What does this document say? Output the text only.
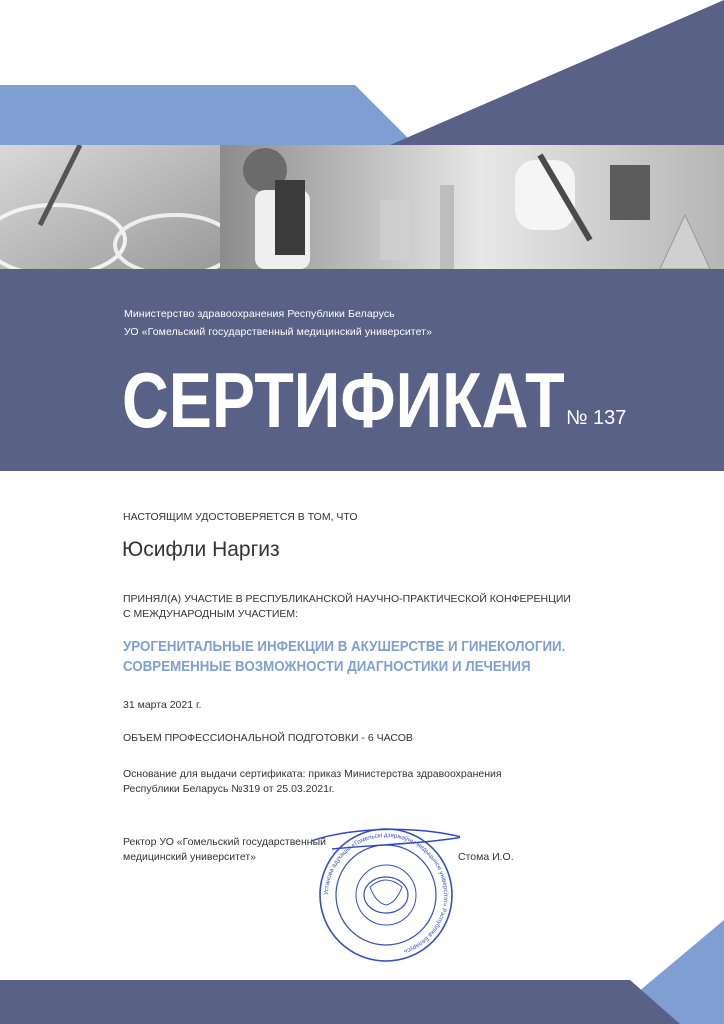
Министерство здравоохранения Республики Беларусь
УО «Гомельский государственный медицинский университет»
СЕРТИФИКАТ № 137
НАСТОЯЩИМ УДОСТОВЕРЯЕТСЯ В ТОМ, ЧТО
Юсифли Наргиз
ПРИНЯЛ(А) УЧАСТИЕ В РЕСПУБЛИКАНСКОЙ НАУЧНО-ПРАКТИЧЕСКОЙ КОНФЕРЕНЦИИ
С МЕЖДУНАРОДНЫМ УЧАСТИЕМ:
УРОГЕНИТАЛЬНЫЕ ИНФЕКЦИИ В АКУШЕРСТВЕ И ГИНЕКОЛОГИИ.
СОВРЕМЕННЫЕ ВОЗМОЖНОСТИ ДИАГНОСТИКИ И ЛЕЧЕНИЯ
31 марта 2021 г.
ОБЪЕМ ПРОФЕССИОНАЛЬНОЙ ПОДГОТОВКИ - 6 ЧАСОВ
Основание для выдачи сертификата: приказ Министерства здравоохранения
Республики Беларусь №319 от 25.03.2021г.
Ректор УО «Гомельский государственный
медицинский университет»	Стома И.О.
Установа адукацыі «Гомельскі дзяржаўны медыцынскі універсітэт» Рэспубліка Беларусь
